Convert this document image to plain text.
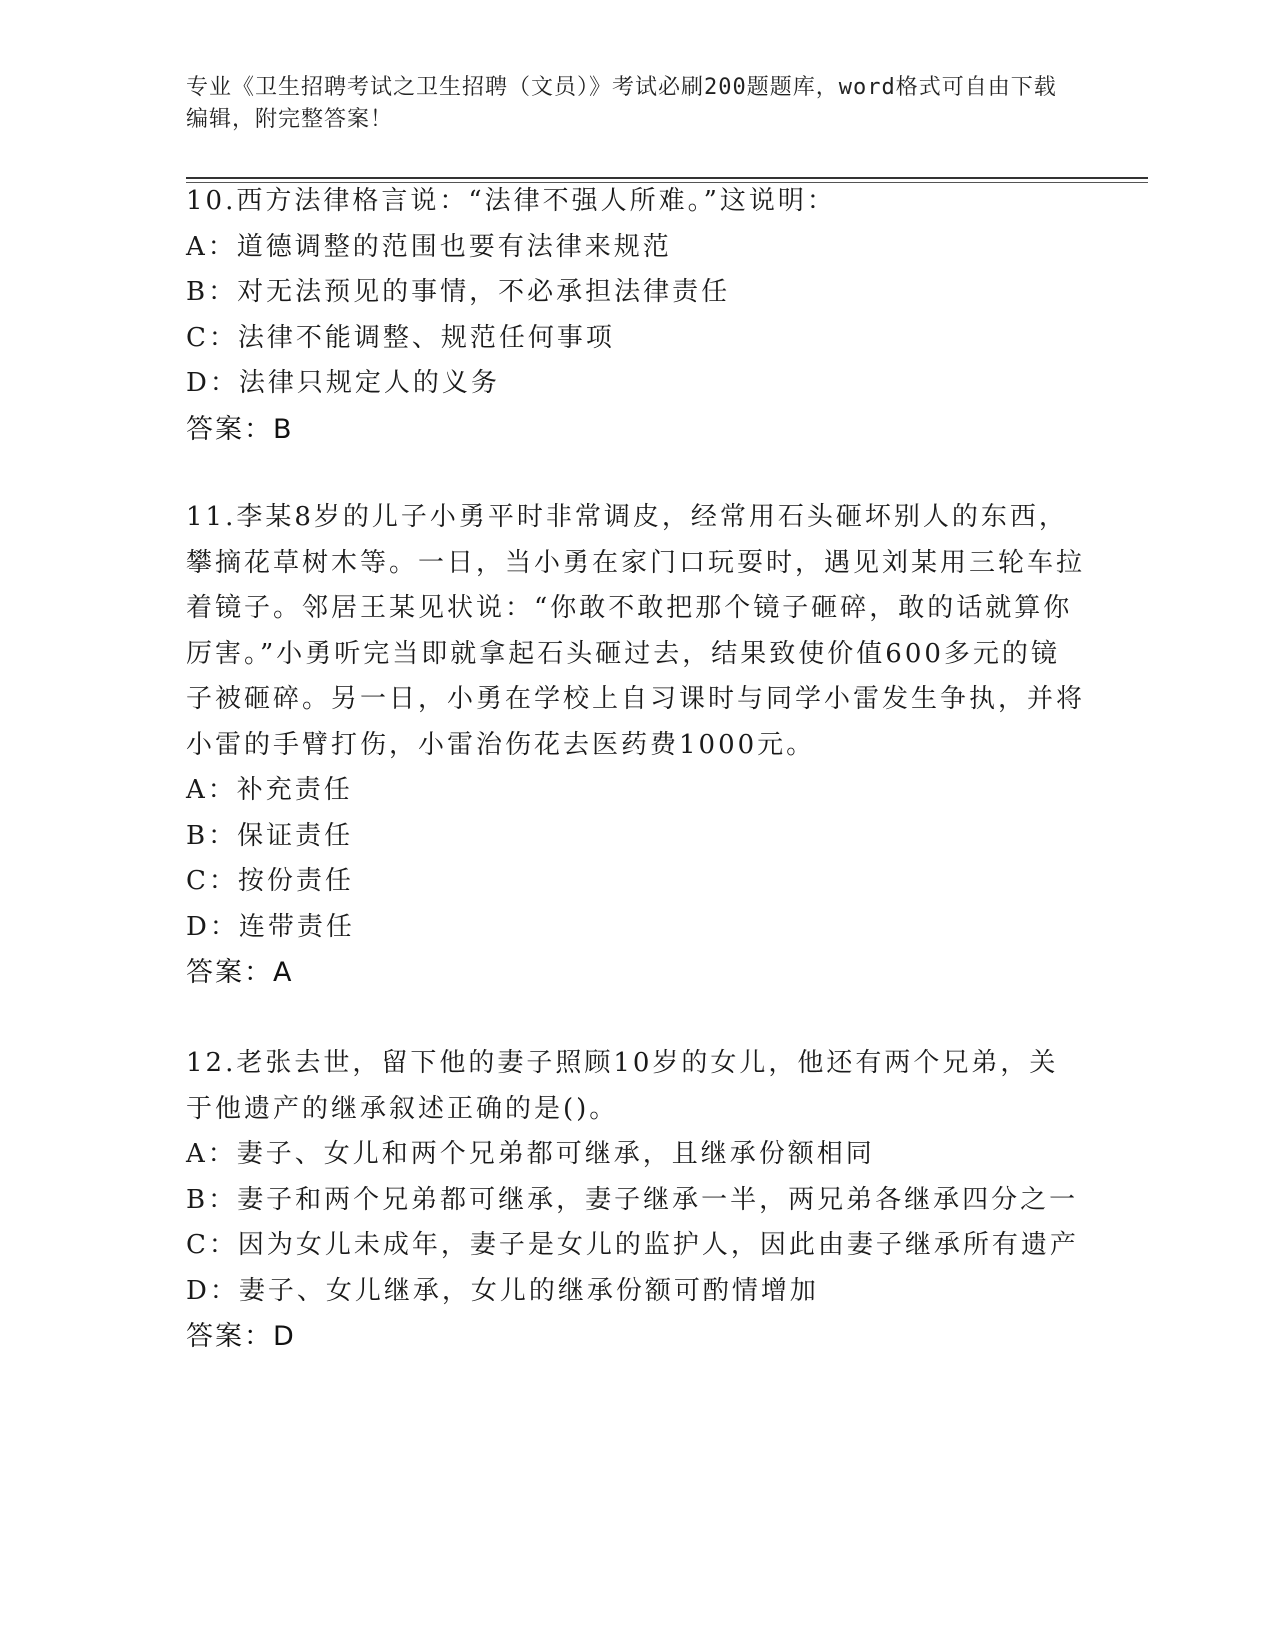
专业《卫生招聘考试之卫生招聘（文员）》考试必刷200题题库，word格式可自由下载编辑，附完整答案！
10.西方法律格言说：“法律不强人所难。”这说明：
A：道德调整的范围也要有法律来规范
B：对无法预见的事情，不必承担法律责任
C：法律不能调整、规范任何事项
D：法律只规定人的义务
答案：B
11.李某8岁的儿子小勇平时非常调皮，经常用石头砸坏别人的东西，攀摘花草树木等。一日，当小勇在家门口玩耍时，遇见刘某用三轮车拉着镜子。邻居王某见状说：“你敢不敢把那个镜子砸碎，敢的话就算你厉害。”小勇听完当即就拿起石头砸过去，结果致使价值600多元的镜子被砸碎。另一日，小勇在学校上自习课时与同学小雷发生争执，并将小雷的手臂打伤，小雷治伤花去医药费1000元。
A：补充责任
B：保证责任
C：按份责任
D：连带责任
答案：A
12.老张去世，留下他的妻子照顾10岁的女儿，他还有两个兄弟，关于他遗产的继承叙述正确的是()。
A：妻子、女儿和两个兄弟都可继承，且继承份额相同
B：妻子和两个兄弟都可继承，妻子继承一半，两兄弟各继承四分之一
C：因为女儿未成年，妻子是女儿的监护人，因此由妻子继承所有遗产
D：妻子、女儿继承，女儿的继承份额可酌情增加
答案：D
